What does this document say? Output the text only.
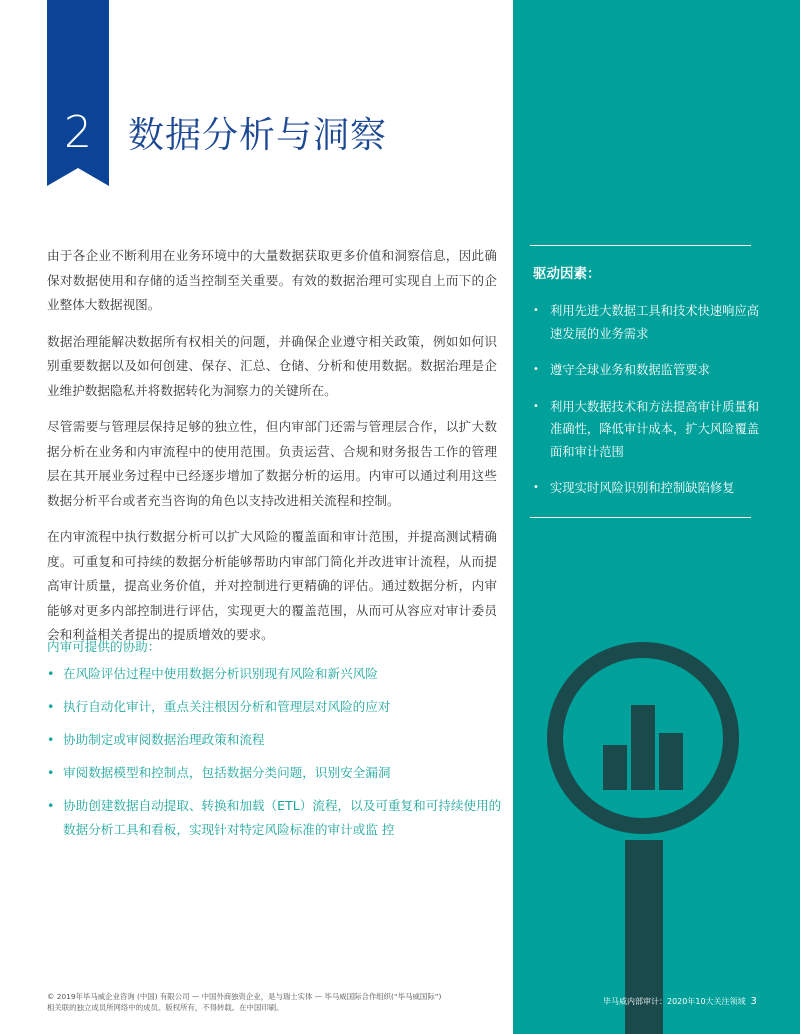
2	数据分析与洞察

由于各企业不断利用在业务环境中的大量数据获取更多价值和洞察信息，因此确保对数据使用和存储的适当控制至关重要。有效的数据治理可实现自上而下的企业整体大数据视图。

数据治理能解决数据所有权相关的问题，并确保企业遵守相关政策，例如如何识别重要数据以及如何创建、保存、汇总、仓储、分析和使用数据。数据治理是企业维护数据隐私并将数据转化为洞察力的关键所在。

尽管需要与管理层保持足够的独立性，但内审部门还需与管理层合作，以扩大数据分析在业务和内审流程中的使用范围。负责运营、合规和财务报告工作的管理层在其开展业务过程中已经逐步增加了数据分析的运用。内审可以通过利用这些数据分析平台或者充当咨询的角色以支持改进相关流程和控制。

在内审流程中执行数据分析可以扩大风险的覆盖面和审计范围，并提高测试精确度。可重复和可持续的数据分析能够帮助内审部门简化并改进审计流程，从而提高审计质量，提高业务价值，并对控制进行更精确的评估。通过数据分析，内审能够对更多内部控制进行评估，实现更大的覆盖范围，从而可从容应对审计委员会和利益相关者提出的提质增效的要求。

内审可提供的协助：
• 在风险评估过程中使用数据分析识别现有风险和新兴风险
• 执行自动化审计，重点关注根因分析和管理层对风险的应对
• 协助制定或审阅数据治理政策和流程
• 审阅数据模型和控制点，包括数据分类问题，识别安全漏洞
• 协助创建数据自动提取、转换和加载（ETL）流程，以及可重复和可持续使用的数据分析工具和看板，实现针对特定风险标准的审计或监 控
© 2019年毕马威企业咨询 (中国) 有限公司 — 中国外商独资企业，是与瑞士实体 — 毕马威国际合作组织(“毕马威国际”)
相关联的独立成员所网络中的成员。版权所有，不得转载。在中国印刷。
驱动因素：
• 利用先进大数据工具和技术快速响应高速发展的业务需求
• 遵守全球业务和数据监管要求
• 利用大数据技术和方法提高审计质量和准确性，降低审计成本，扩大风险覆盖面和审计范围
• 实现实时风险识别和控制缺陷修复
毕马威内部审计：2020年10大关注领域 3
